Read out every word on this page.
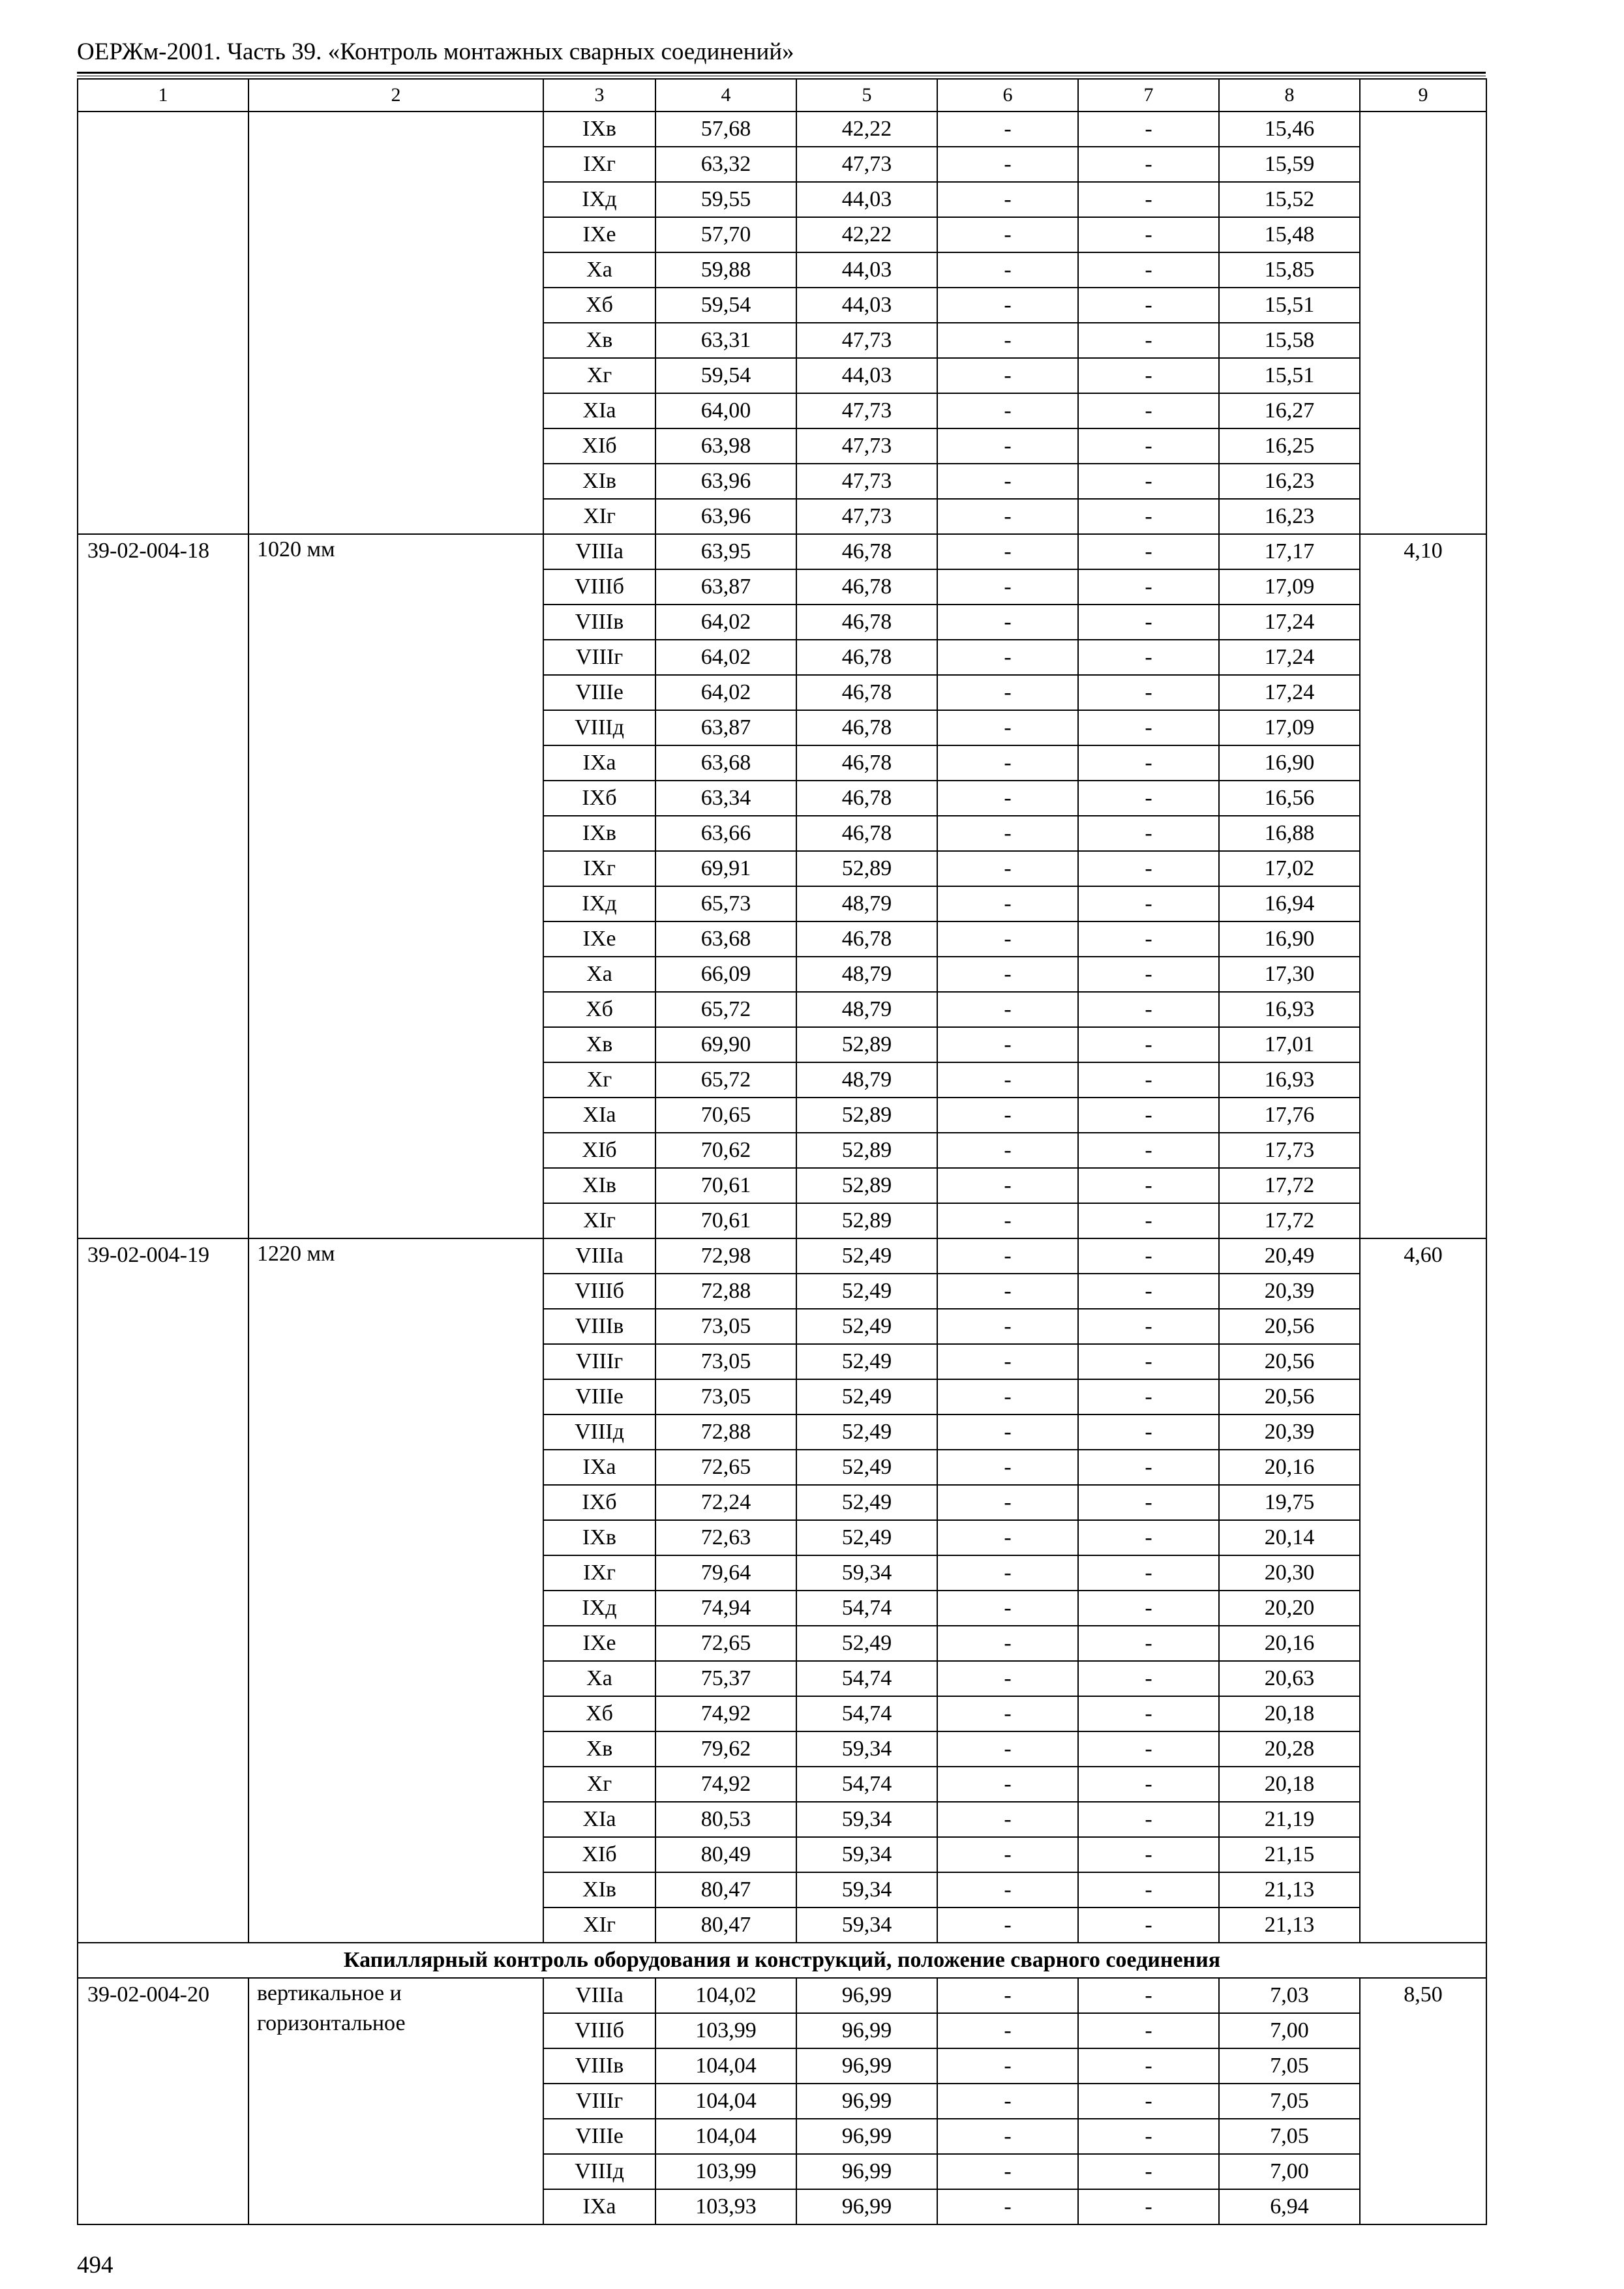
ОЕРЖм-2001. Часть 39. «Контроль монтажных сварных соединений»
1	2	3	4	5	6	7	8	9
		IXв	57,68	42,22	-	-	15,46	
		IXг	63,32	47,73	-	-	15,59	
		IXд	59,55	44,03	-	-	15,52	
		IXе	57,70	42,22	-	-	15,48	
		Xа	59,88	44,03	-	-	15,85	
		Xб	59,54	44,03	-	-	15,51	
		Xв	63,31	47,73	-	-	15,58	
		Xг	59,54	44,03	-	-	15,51	
		XIа	64,00	47,73	-	-	16,27	
		XIб	63,98	47,73	-	-	16,25	
		XIв	63,96	47,73	-	-	16,23	
		XIг	63,96	47,73	-	-	16,23	
39-02-004-18	1020 мм	VIIIа	63,95	46,78	-	-	17,17	4,10
		VIIIб	63,87	46,78	-	-	17,09	
		VIIIв	64,02	46,78	-	-	17,24	
		VIIIг	64,02	46,78	-	-	17,24	
		VIIIе	64,02	46,78	-	-	17,24	
		VIIIд	63,87	46,78	-	-	17,09	
		IXа	63,68	46,78	-	-	16,90	
		IXб	63,34	46,78	-	-	16,56	
		IXв	63,66	46,78	-	-	16,88	
		IXг	69,91	52,89	-	-	17,02	
		IXд	65,73	48,79	-	-	16,94	
		IXе	63,68	46,78	-	-	16,90	
		Xа	66,09	48,79	-	-	17,30	
		Xб	65,72	48,79	-	-	16,93	
		Xв	69,90	52,89	-	-	17,01	
		Xг	65,72	48,79	-	-	16,93	
		XIа	70,65	52,89	-	-	17,76	
		XIб	70,62	52,89	-	-	17,73	
		XIв	70,61	52,89	-	-	17,72	
		XIг	70,61	52,89	-	-	17,72	
39-02-004-19	1220 мм	VIIIа	72,98	52,49	-	-	20,49	4,60
		VIIIб	72,88	52,49	-	-	20,39	
		VIIIв	73,05	52,49	-	-	20,56	
		VIIIг	73,05	52,49	-	-	20,56	
		VIIIе	73,05	52,49	-	-	20,56	
		VIIIд	72,88	52,49	-	-	20,39	
		IXа	72,65	52,49	-	-	20,16	
		IXб	72,24	52,49	-	-	19,75	
		IXв	72,63	52,49	-	-	20,14	
		IXг	79,64	59,34	-	-	20,30	
		IXд	74,94	54,74	-	-	20,20	
		IXе	72,65	52,49	-	-	20,16	
		Xа	75,37	54,74	-	-	20,63	
		Xб	74,92	54,74	-	-	20,18	
		Xв	79,62	59,34	-	-	20,28	
		Xг	74,92	54,74	-	-	20,18	
		XIа	80,53	59,34	-	-	21,19	
		XIб	80,49	59,34	-	-	21,15	
		XIв	80,47	59,34	-	-	21,13	
		XIг	80,47	59,34	-	-	21,13	
Капиллярный контроль оборудования и конструкций, положение сварного соединения								
39-02-004-20	вертикальное и горизонтальное	VIIIа	104,02	96,99	-	-	7,03	8,50
		VIIIб	103,99	96,99	-	-	7,00	
		VIIIв	104,04	96,99	-	-	7,05	
		VIIIг	104,04	96,99	-	-	7,05	
		VIIIе	104,04	96,99	-	-	7,05	
		VIIIд	103,99	96,99	-	-	7,00	
		IXа	103,93	96,99	-	-	6,94	
494
